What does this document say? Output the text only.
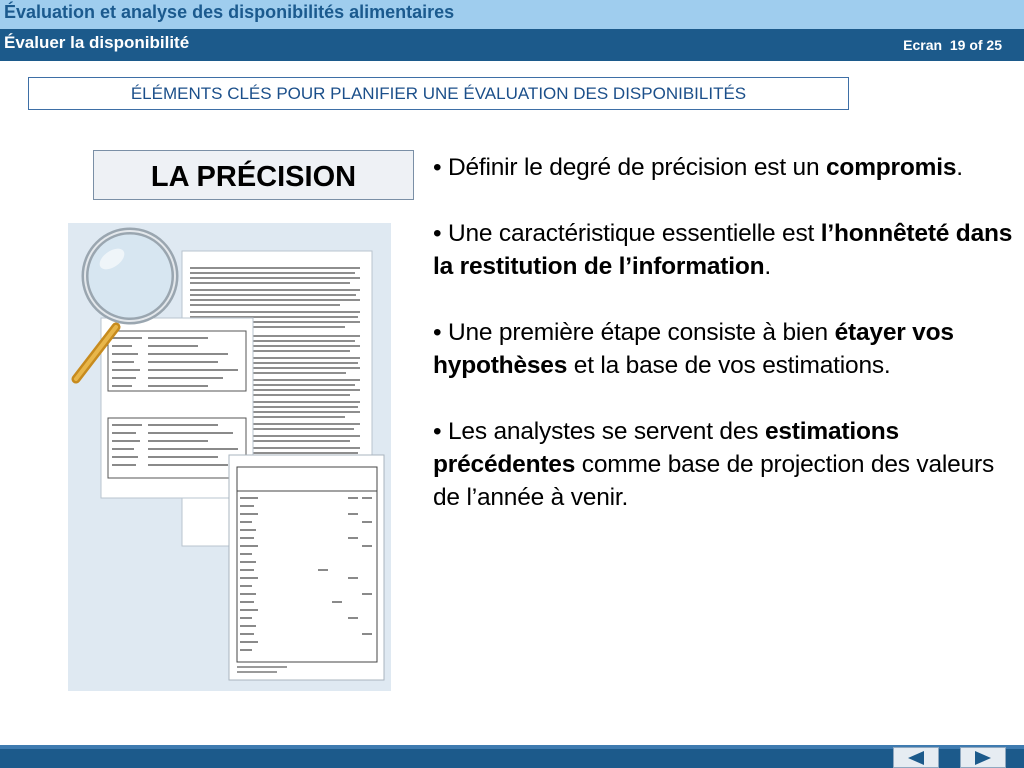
Évaluation et analyse des disponibilités alimentaires
Évaluer la disponibilité	Ecran  19 of 25
ÉLÉMENTS CLÉS POUR PLANIFIER UNE ÉVALUATION DES DISPONIBILITÉS
LA PRÉCISION	• Définir le degré de précision est un compromis.
• Une caractéristique essentielle est l’honnêteté dans la restitution de l’information.
• Une première étape consiste à bien étayer vos hypothèses et la base de vos estimations.
• Les analystes se servent des estimations précédentes comme base de projection des valeurs de l’année à venir.
